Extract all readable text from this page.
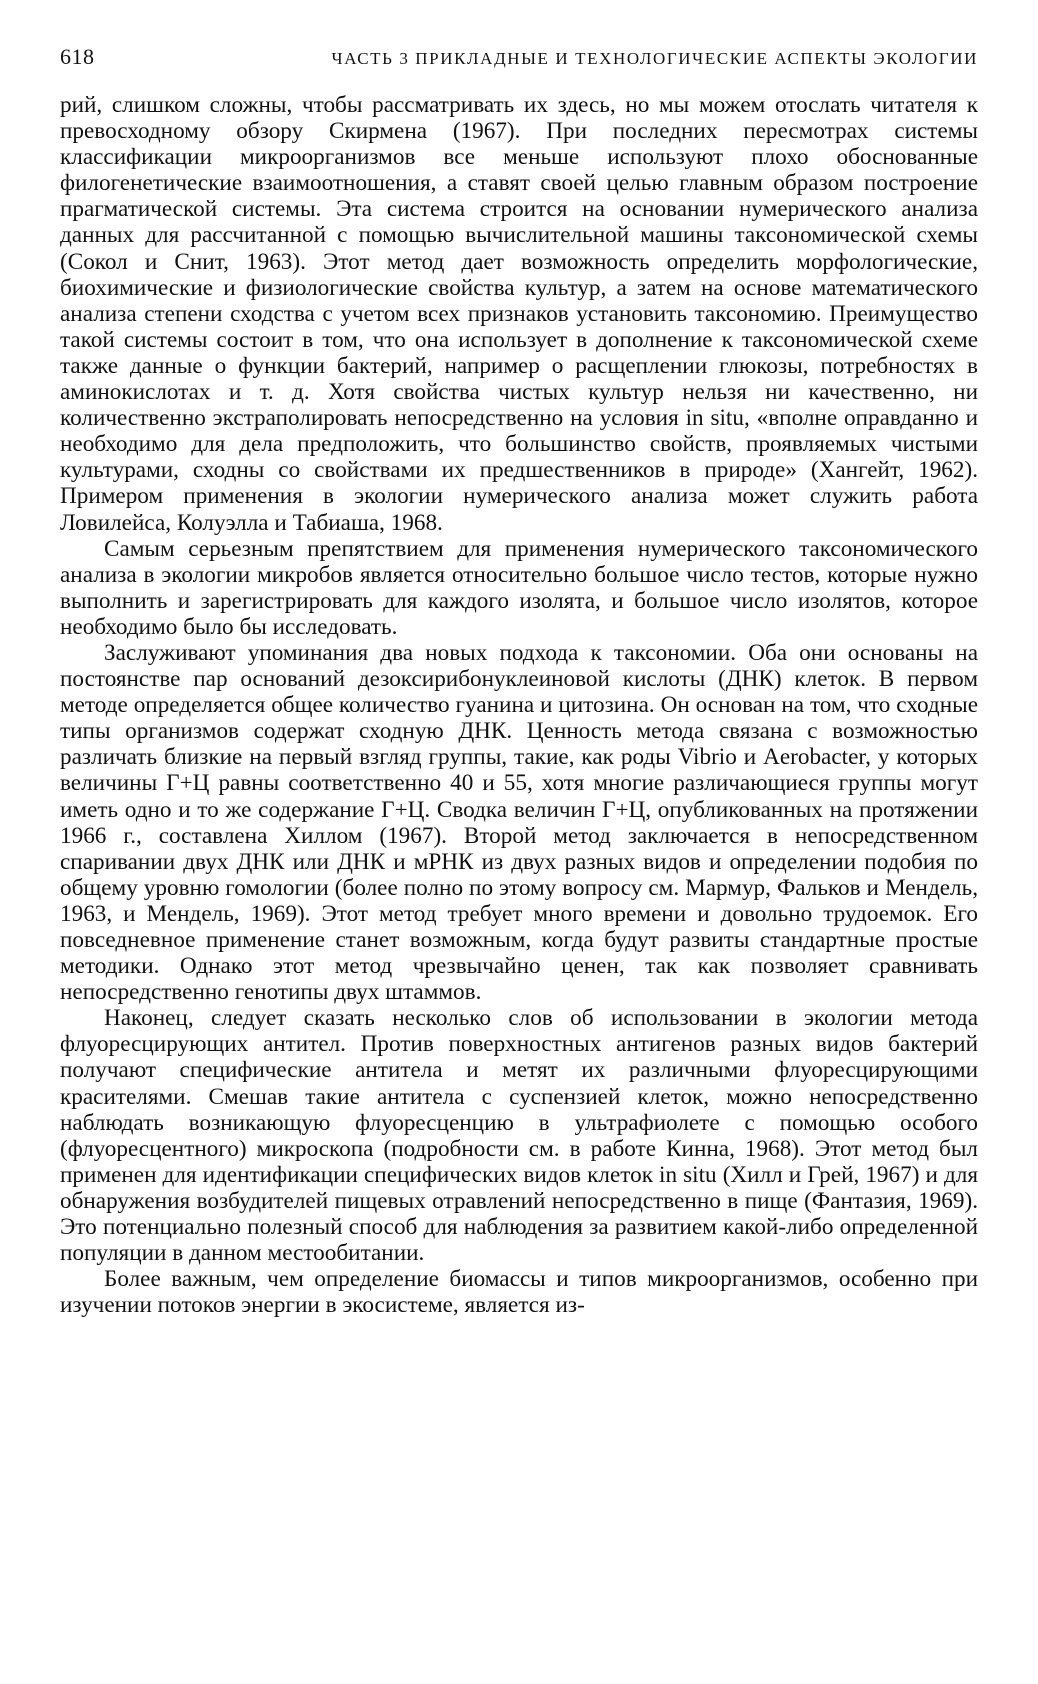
618	ЧАСТЬ 3 ПРИКЛАДНЫЕ И ТЕХНОЛОГИЧЕСКИЕ АСПЕКТЫ ЭКОЛОГИИ

рий, слишком сложны, чтобы рассматривать их здесь, но мы можем отослать читателя к превосходному обзору Скирмена (1967). При последних пересмотрах системы классификации микроорганизмов все меньше используют плохо обоснованные филогенетические взаимоотношения, а ставят своей целью главным образом построение прагматической системы. Эта система строится на основании нумерического анализа данных для рассчитанной с помощью вычислительной машины таксономической схемы (Сокол и Снит, 1963). Этот метод дает возможность определить морфологические, биохимические и физиологические свойства культур, а затем на основе математического анализа степени сходства с учетом всех признаков установить таксономию. Преимущество такой системы состоит в том, что она использует в дополнение к таксономической схеме также данные о функции бактерий, например о расщеплении глюкозы, потребностях в аминокислотах и т. д. Хотя свойства чистых культур нельзя ни качественно, ни количественно экстраполировать непосредственно на условия in situ, «вполне оправданно и необходимо для дела предположить, что большинство свойств, проявляемых чистыми культурами, сходны со свойствами их предшественников в природе» (Хангейт, 1962). Примером применения в экологии нумерического анализа может служить работа Ловилейса, Колуэлла и Табиаша, 1968.

Самым серьезным препятствием для применения нумерического таксономического анализа в экологии микробов является относительно большое число тестов, которые нужно выполнить и зарегистрировать для каждого изолята, и большое число изолятов, которое необходимо было бы исследовать.

Заслуживают упоминания два новых подхода к таксономии. Оба они основаны на постоянстве пар оснований дезоксирибонуклеиновой кислоты (ДНК) клеток. В первом методе определяется общее количество гуанина и цитозина. Он основан на том, что сходные типы организмов содержат сходную ДНК. Ценность метода связана с возможностью различать близкие на первый взгляд группы, такие, как роды Vibrio и Aerobacter, у которых величины Г+Ц равны соответственно 40 и 55, хотя многие различающиеся группы могут иметь одно и то же содержание Г+Ц. Сводка величин Г+Ц, опубликованных на протяжении 1966 г., составлена Хиллом (1967). Второй метод заключается в непосредственном спаривании двух ДНК или ДНК и мРНК из двух разных видов и определении подобия по общему уровню гомологии (более полно по этому вопросу см. Мармур, Фальков и Мендель, 1963, и Мендель, 1969). Этот метод требует много времени и довольно трудоемок. Его повседневное применение станет возможным, когда будут развиты стандартные простые методики. Однако этот метод чрезвычайно ценен, так как позволяет сравнивать непосредственно генотипы двух штаммов.

Наконец, следует сказать несколько слов об использовании в экологии метода флуоресцирующих антител. Против поверхностных антигенов разных видов бактерий получают специфические антитела и метят их различными флуоресцирующими красителями. Смешав такие антитела с суспензией клеток, можно непосредственно наблюдать возникающую флуоресценцию в ультрафиолете с помощью особого (флуоресцентного) микроскопа (подробности см. в работе Кинна, 1968). Этот метод был применен для идентификации специфических видов клеток in situ (Хилл и Грей, 1967) и для обнаружения возбудителей пищевых отравлений непосредственно в пище (Фантазия, 1969). Это потенциально полезный способ для наблюдения за развитием какой-либо определенной популяции в данном местообитании.

Более важным, чем определение биомассы и типов микроорганизмов, особенно при изучении потоков энергии в экосистеме, является из-
